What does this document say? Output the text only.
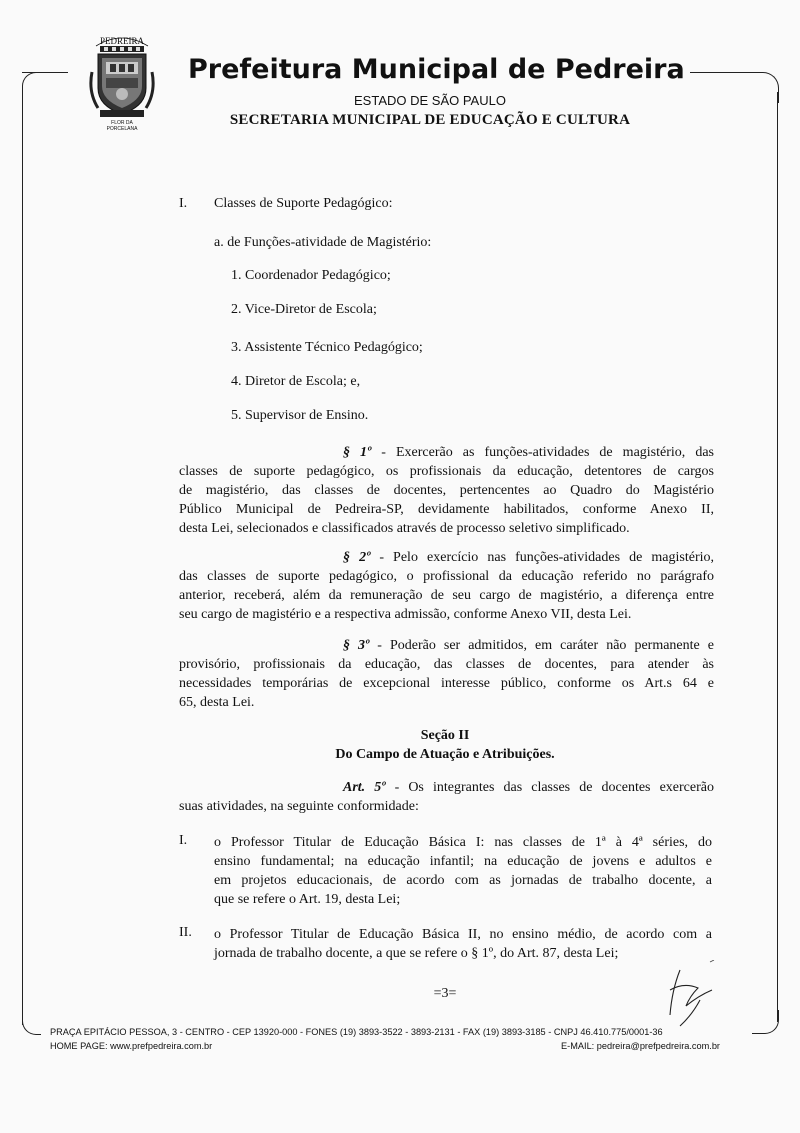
PEDREIRA
FLOR DA
PORCELANA
Prefeitura Municipal de Pedreira
ESTADO DE SÃO PAULO
SECRETARIA MUNICIPAL DE EDUCAÇÃO E CULTURA
I. Classes de Suporte Pedagógico:
a. de Funções-atividade de Magistério:
1. Coordenador Pedagógico;
2. Vice-Diretor de Escola;
3. Assistente Técnico Pedagógico;
4. Diretor de Escola; e,
5. Supervisor de Ensino.
§ 1º - Exercerão as funções-atividades de magistério, das
classes de suporte pedagógico, os profissionais da educação, detentores de cargos
de magistério, das classes de docentes, pertencentes ao Quadro do Magistério
Público Municipal de Pedreira-SP, devidamente habilitados, conforme Anexo II,
desta Lei, selecionados e classificados através de processo seletivo simplificado.
§ 2º - Pelo exercício nas funções-atividades de magistério,
das classes de suporte pedagógico, o profissional da educação referido no parágrafo
anterior, receberá, além da remuneração de seu cargo de magistério, a diferença entre
seu cargo de magistério e a respectiva admissão, conforme Anexo VII, desta Lei.
§ 3º - Poderão ser admitidos, em caráter não permanente e
provisório, profissionais da educação, das classes de docentes, para atender às
necessidades temporárias de excepcional interesse público, conforme os Art.s 64 e
65, desta Lei.
Seção II
Do Campo de Atuação e Atribuições.
Art. 5º - Os integrantes das classes de docentes exercerão
suas atividades, na seguinte conformidade:
I. o Professor Titular de Educação Básica I: nas classes de 1ª à 4ª séries, do
ensino fundamental; na educação infantil; na educação de jovens e adultos e
em projetos educacionais, de acordo com as jornadas de trabalho docente, a
que se refere o Art. 19, desta Lei;
II. o Professor Titular de Educação Básica II, no ensino médio, de acordo com a
jornada de trabalho docente, a que se refere o § 1º, do Art. 87, desta Lei;
=3=
PRAÇA EPITÁCIO PESSOA, 3 - CENTRO - CEP 13920-000 - FONES (19) 3893-3522 - 3893-2131 - FAX (19) 3893-3185 - CNPJ 46.410.775/0001-36
HOME PAGE: www.prefpedreira.com.br	E-MAIL: pedreira@prefpedreira.com.br
